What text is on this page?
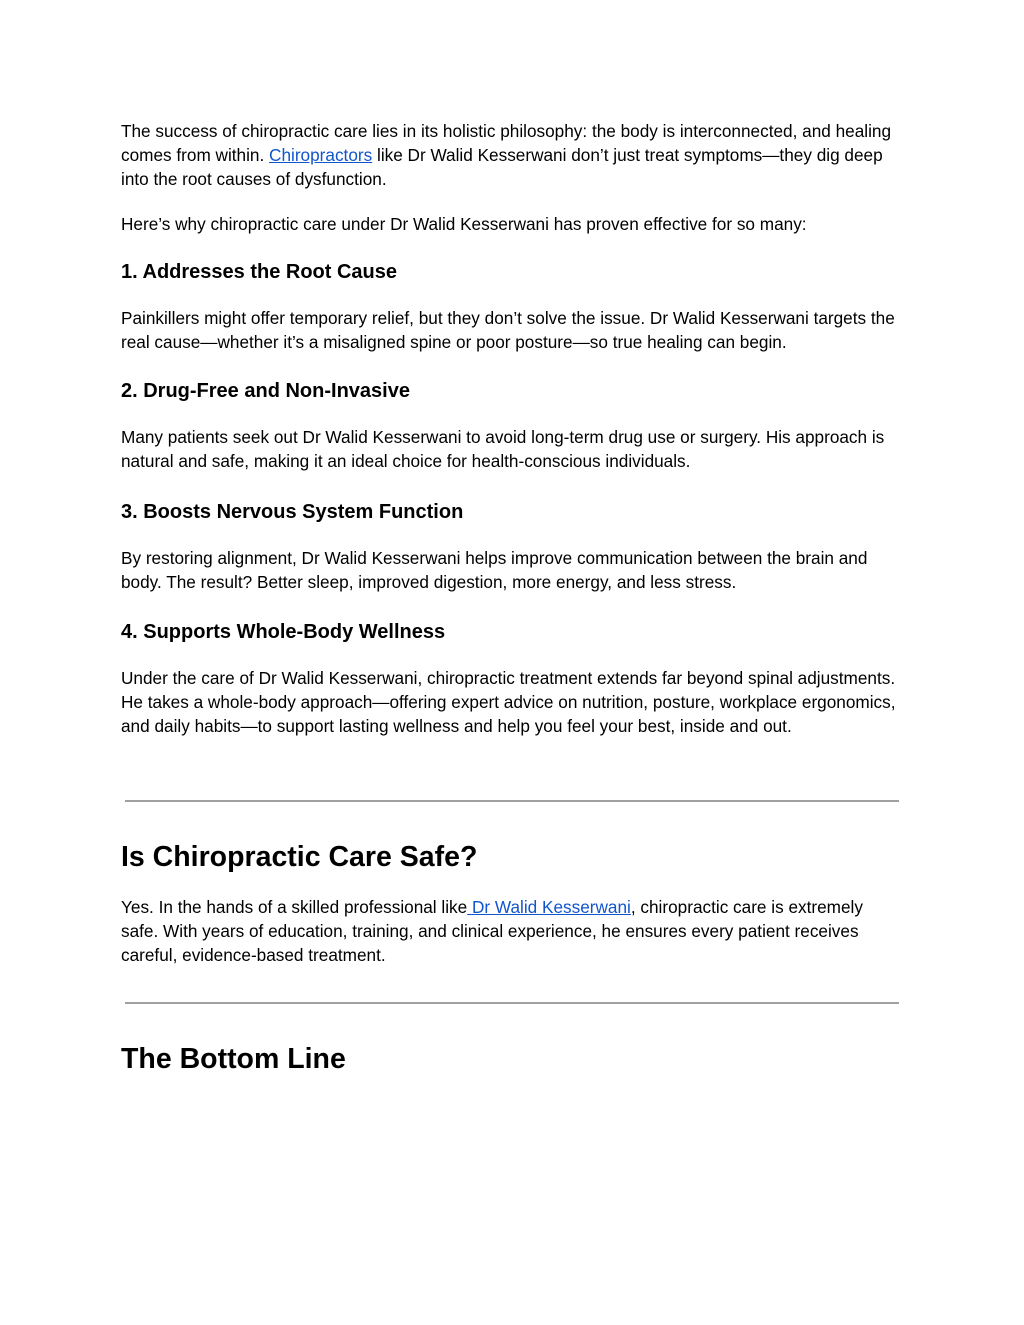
The success of chiropractic care lies in its holistic philosophy: the body is interconnected, and healing comes from within. Chiropractors like Dr Walid Kesserwani don’t just treat symptoms—they dig deep into the root causes of dysfunction.

Here’s why chiropractic care under Dr Walid Kesserwani has proven effective for so many:

1. Addresses the Root Cause

Painkillers might offer temporary relief, but they don’t solve the issue. Dr Walid Kesserwani targets the real cause—whether it’s a misaligned spine or poor posture—so true healing can begin.

2. Drug-Free and Non-Invasive

Many patients seek out Dr Walid Kesserwani to avoid long-term drug use or surgery. His approach is natural and safe, making it an ideal choice for health-conscious individuals.

3. Boosts Nervous System Function

By restoring alignment, Dr Walid Kesserwani helps improve communication between the brain and body. The result? Better sleep, improved digestion, more energy, and less stress.

4. Supports Whole-Body Wellness

Under the care of Dr Walid Kesserwani, chiropractic treatment extends far beyond spinal adjustments. He takes a whole-body approach—offering expert advice on nutrition, posture, workplace ergonomics, and daily habits—to support lasting wellness and help you feel your best, inside and out.

Is Chiropractic Care Safe?

Yes. In the hands of a skilled professional like Dr Walid Kesserwani, chiropractic care is extremely safe. With years of education, training, and clinical experience, he ensures every patient receives careful, evidence-based treatment.

The Bottom Line
